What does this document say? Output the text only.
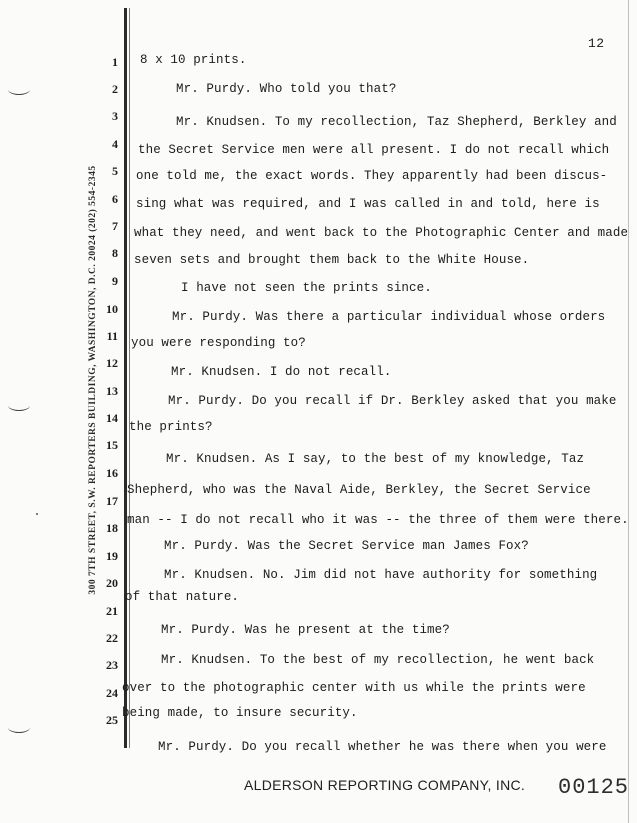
12
300 7TH STREET, S.W. REPORTERS BUILDING, WASHINGTON, D.C. 20024 (202) 554-2345
1
2
3
4
5
6
7
8
9
10
11
12
13
14
15
16
17
18
19
20
21
22
23
24
25
8 x 10 prints.
Mr. Purdy. Who told you that?
Mr. Knudsen. To my recollection, Taz Shepherd, Berkley and
the Secret Service men were all present. I do not recall which
one told me, the exact words. They apparently had been discus-
sing what was required, and I was called in and told, here is
what they need, and went back to the Photographic Center and made
seven sets and brought them back to the White House.
I have not seen the prints since.
Mr. Purdy. Was there a particular individual whose orders
you were responding to?
Mr. Knudsen. I do not recall.
Mr. Purdy. Do you recall if Dr. Berkley asked that you make
the prints?
Mr. Knudsen. As I say, to the best of my knowledge, Taz
Shepherd, who was the Naval Aide, Berkley, the Secret Service
man -- I do not recall who it was -- the three of them were there.
Mr. Purdy. Was the Secret Service man James Fox?
Mr. Knudsen. No. Jim did not have authority for something
of that nature.
Mr. Purdy. Was he present at the time?
Mr. Knudsen. To the best of my recollection, he went back
over to the photographic center with us while the prints were
being made, to insure security.
Mr. Purdy. Do you recall whether he was there when you were
ALDERSON REPORTING COMPANY, INC. 00125
